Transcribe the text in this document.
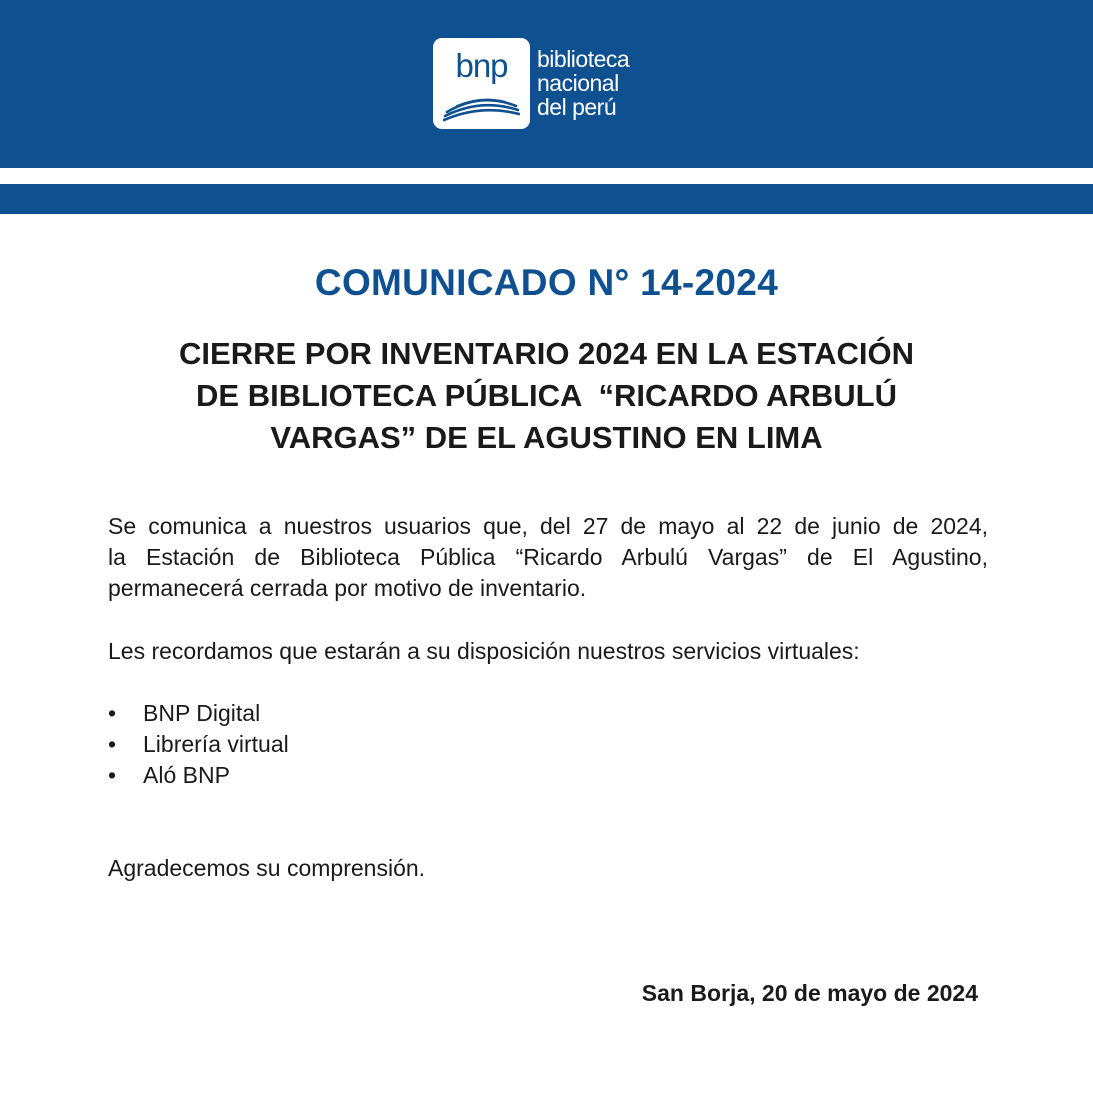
bnp	biblioteca
nacional
del perú
COMUNICADO N° 14-2024
CIERRE POR INVENTARIO 2024 EN LA ESTACIÓN
DE BIBLIOTECA PÚBLICA  “RICARDO ARBULÚ
VARGAS” DE EL AGUSTINO EN LIMA
Se comunica a nuestros usuarios que, del 27 de mayo al 22 de junio de 2024,
la Estación de Biblioteca Pública “Ricardo Arbulú Vargas” de El Agustino,
permanecerá cerrada por motivo de inventario.
Les recordamos que estarán a su disposición nuestros servicios virtuales:
• BNP Digital
• Librería virtual
• Aló BNP
Agradecemos su comprensión.
San Borja, 20 de mayo de 2024
